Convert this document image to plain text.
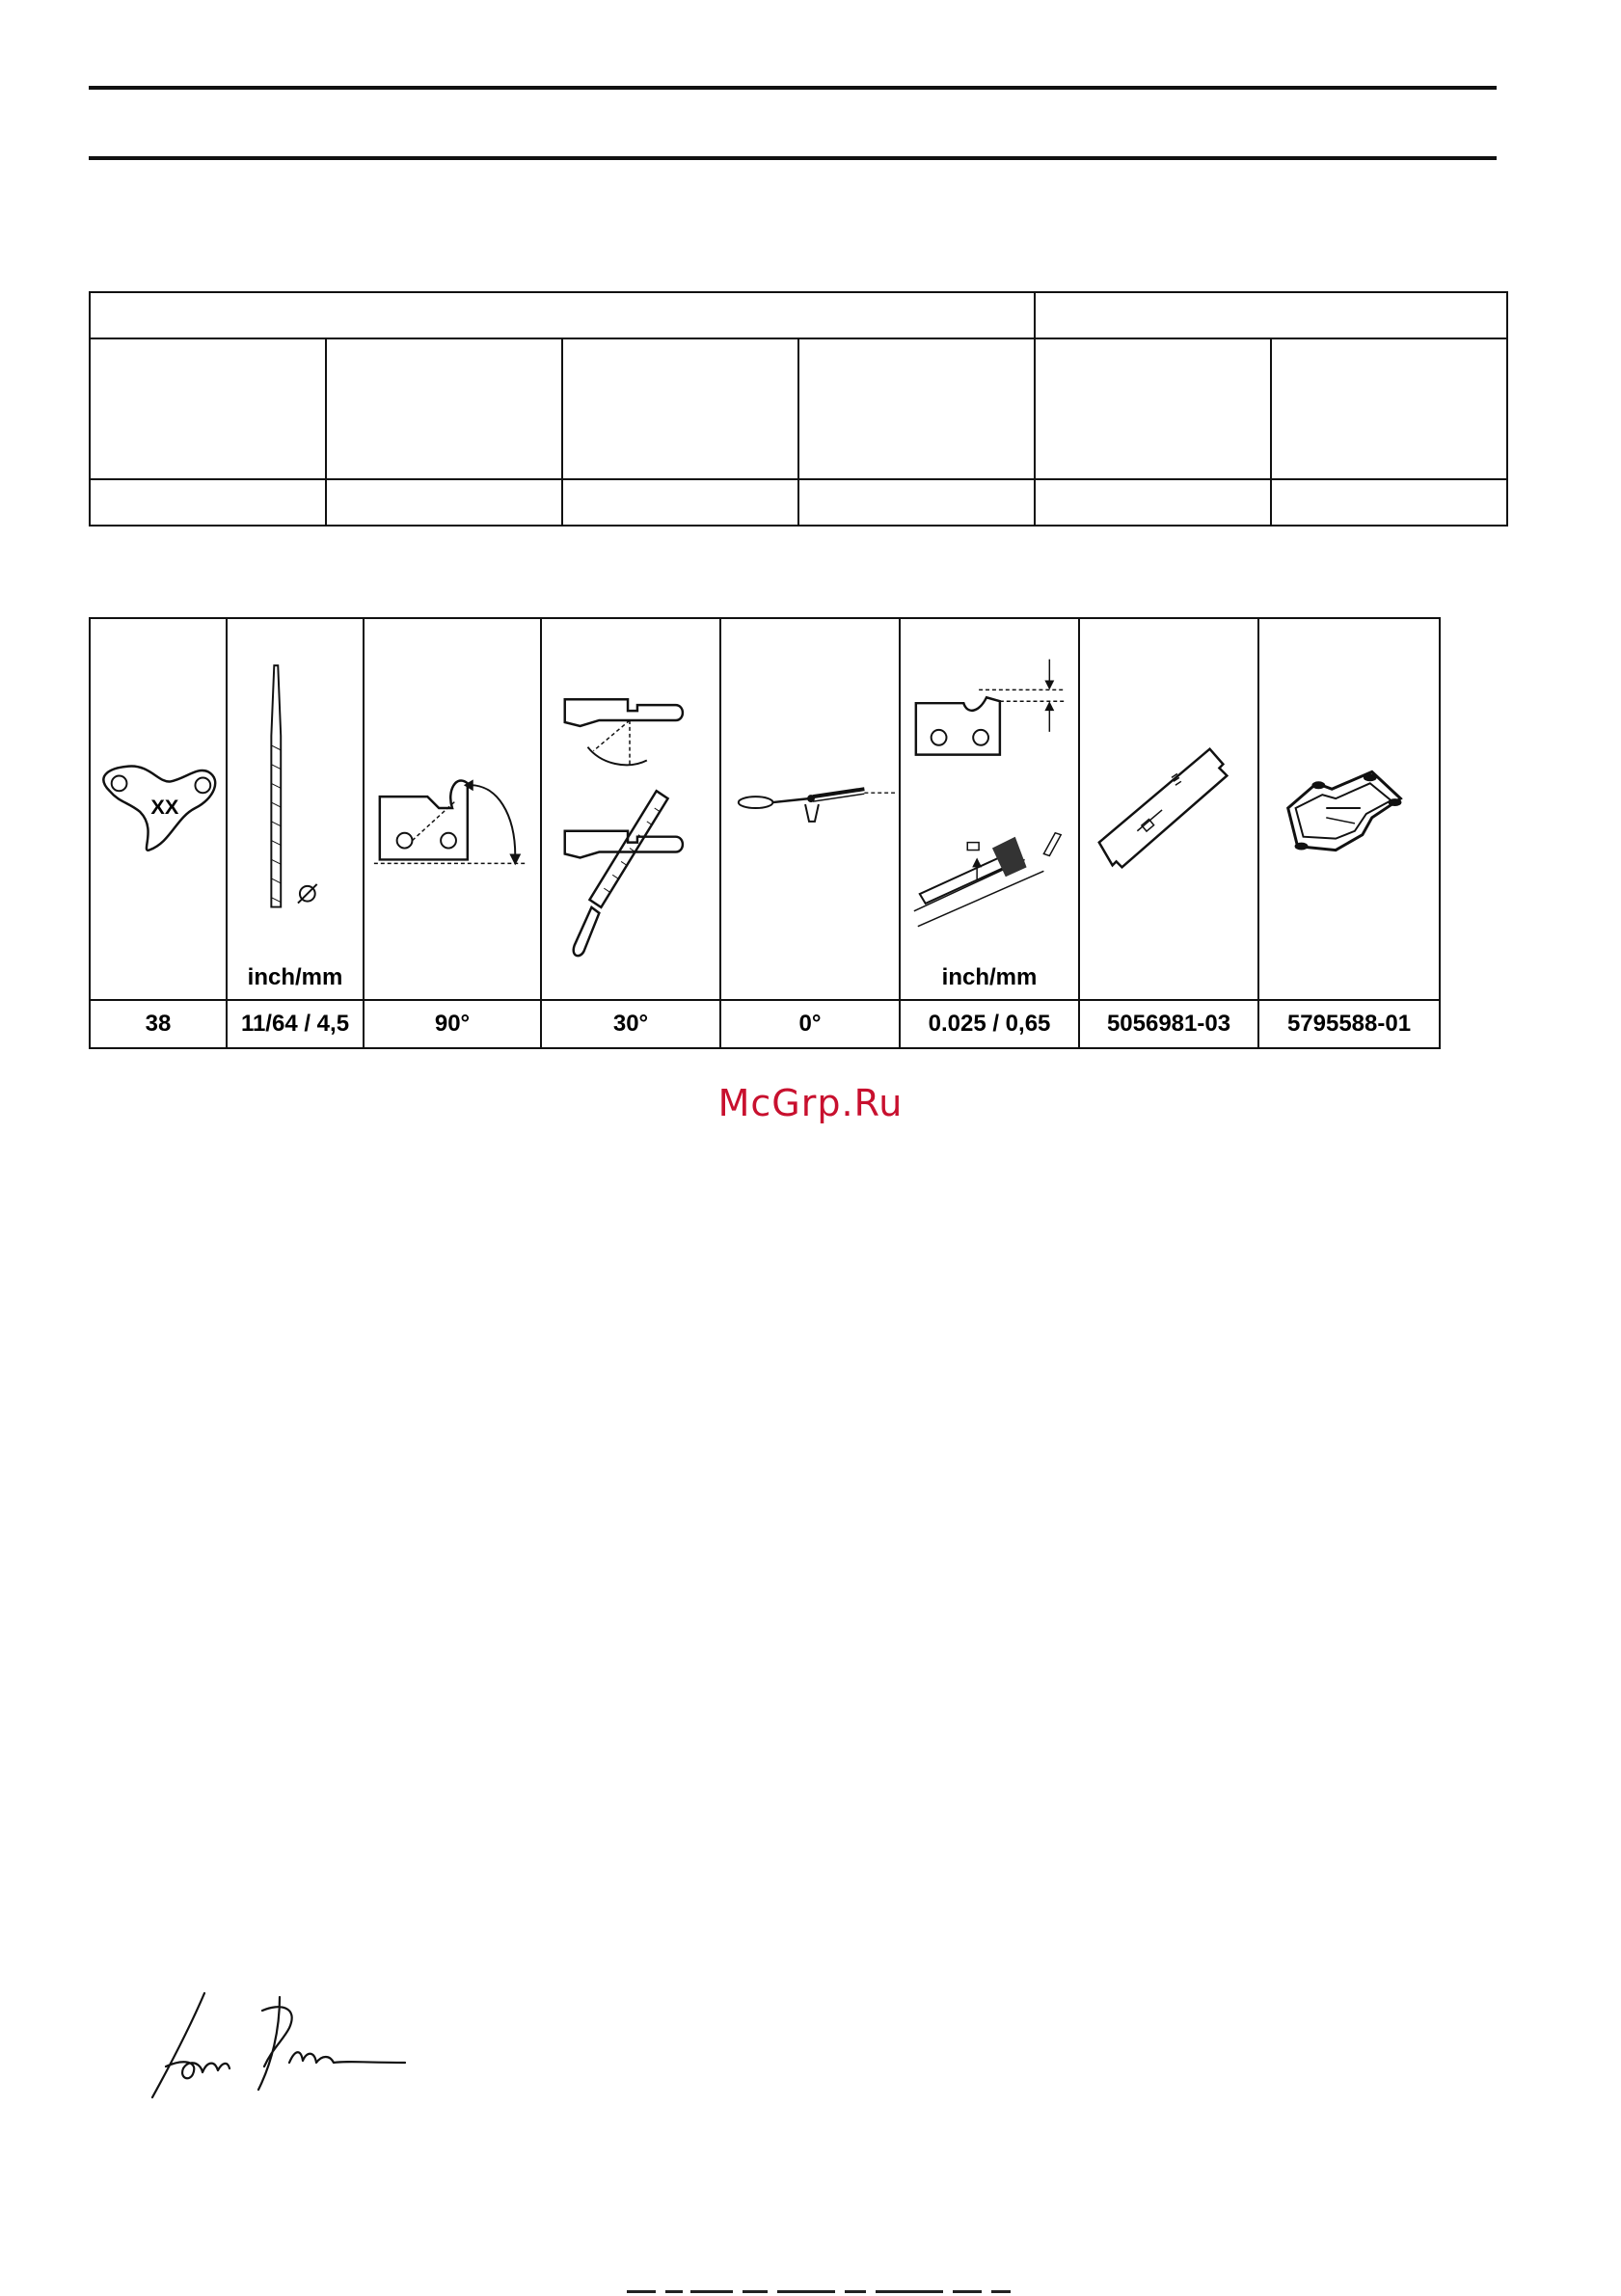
XX	inch/mm				inch/mm

38	11/64 / 4,5	90°	30°	0°	0.025 / 0,65	5056981-03	5795588-01
McGrp.Ru
